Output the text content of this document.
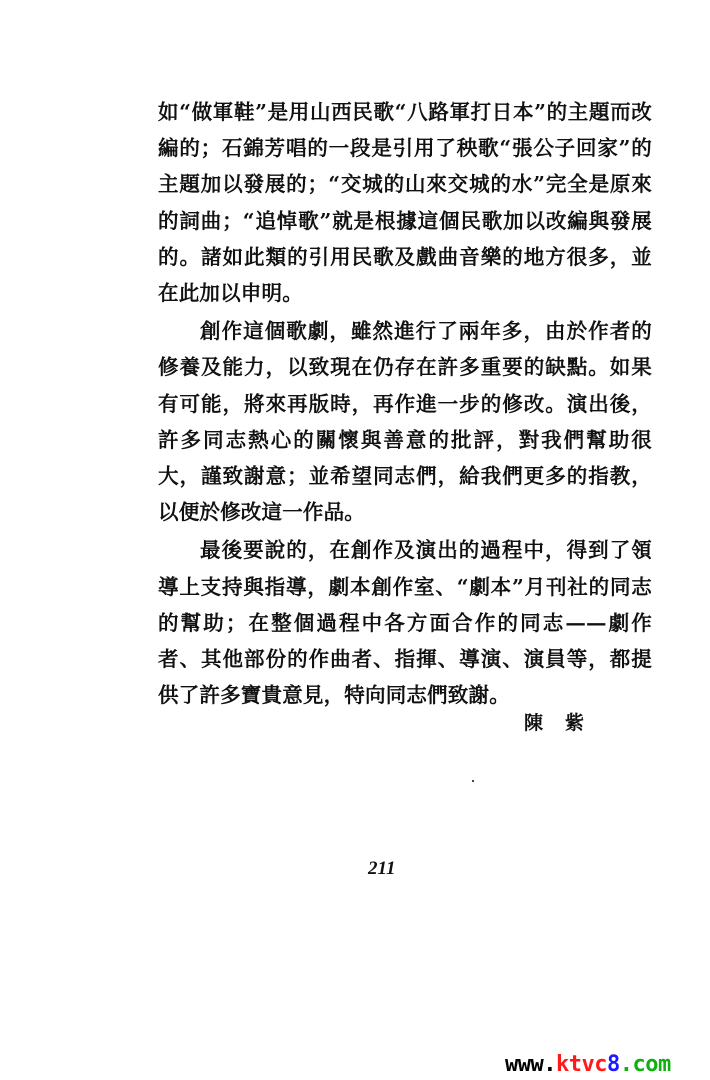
如“做軍鞋”是用山西民歌“八路軍打日本”的主題而改編的；石錦芳唱的一段是引用了秧歌“張公子回家”的主題加以發展的；“交城的山來交城的水”完全是原來的詞曲；“追悼歌”就是根據這個民歌加以改編與發展的。諸如此類的引用民歌及戲曲音樂的地方很多，並在此加以申明。

創作這個歌劇，雖然進行了兩年多，由於作者的修養及能力，以致現在仍存在許多重要的缺點。如果有可能，將來再版時，再作進一步的修改。演出後，許多同志熱心的關懷與善意的批評，對我們幫助很大，謹致謝意；並希望同志們，給我們更多的指教，以便於修改這一作品。

最後要說的，在創作及演出的過程中，得到了領導上支持與指導，劇本創作室、“劇本”月刊社的同志的幫助；在整個過程中各方面合作的同志——劇作者、其他部份的作曲者、指揮、導演、演員等，都提供了許多寶貴意見，特向同志們致謝。

陳紫
211
www.ktvc8.com
